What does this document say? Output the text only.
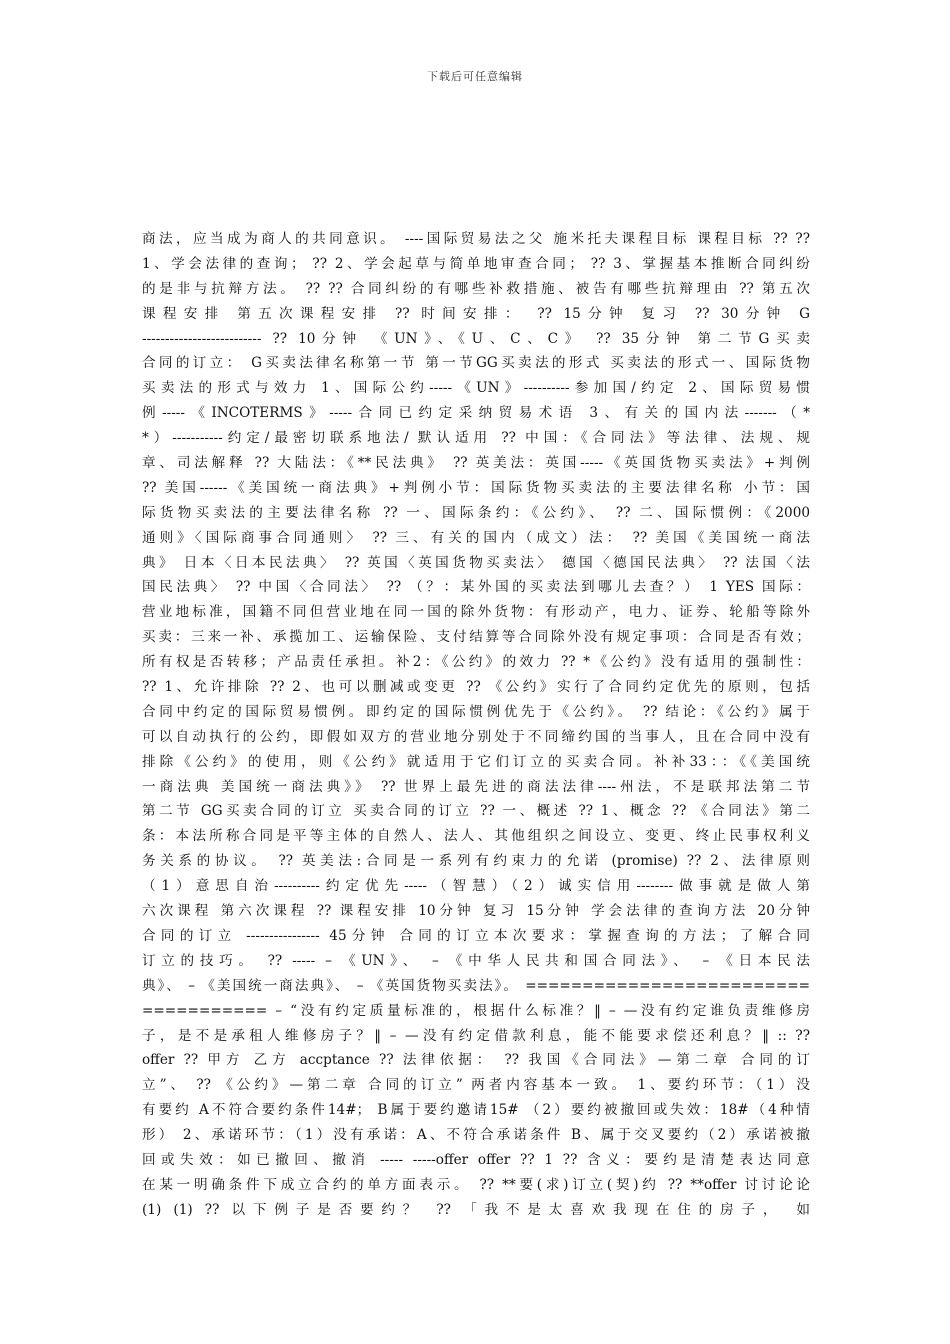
下载后可任意编辑
商法，应当成为商人的共同意识。 ----国际贸易法之父 施米托夫课程目标 课程目标 ?? ??
1、学会法律的查询； ?? 2、学会起草与简单地审查合同； ?? 3、掌握基本推断合同纠纷
的是非与抗辩方法。 ?? ?? 合同纠纷的有哪些补救措施、被告有哪些抗辩理由 ?? 第五次
课程安排 第五次课程安排 ?? 时间安排： ?? 15分钟 复习 ?? 30分钟 G
-------------------------- ?? 10分钟 《UN》、《U、C、C》 ?? 35分钟 第二节G买卖
合同的订立： G买卖法律名称第一节 第一节GG买卖法的形式 买卖法的形式一、国际货物
买卖法的形式与效力 1、国际公约-----《UN》----------参加国/约定 2、国际贸易惯
例-----《INCOTERMS》-----合同已约定采纳贸易术语 3、有关的国内法-------（*
*）-----------约定/最密切联系地法/ 默认适用 ?? 中国：《合同法》等法律、法规、规
章、司法解释 ?? 大陆法：《**民法典》 ?? 英美法：英国-----《英国货物买卖法》+判例
?? 美国------《美国统一商法典》+判例小节：国际货物买卖法的主要法律名称 小节：国
际货物买卖法的主要法律名称 ?? 一、国际条约：《公约》、 ?? 二、国际惯例：《2000
通则》〈国际商事合同通则〉 ?? 三、有关的国内（成文）法： ?? 美国《美国统一商法
典》 日本〈日本民法典〉 ?? 英国〈英国货物买卖法〉 德国〈德国民法典〉 ?? 法国〈法
国民法典〉 ?? 中国〈合同法〉 ?? （？：某外国的买卖法到哪儿去查？） 1 YES 国际：
营业地标准，国籍不同但营业地在同一国的除外货物：有形动产，电力、证券、轮船等除外
买卖：三来一补、承揽加工、运输保险、支付结算等合同除外没有规定事项：合同是否有效；
所有权是否转移；产品责任承担。补2：《公约》的效力 ?? *《公约》没有适用的强制性：
?? 1、允许排除 ?? 2、也可以删减或变更 ?? 《公约》实行了合同约定优先的原则，包括
合同中约定的国际贸易惯例。即约定的国际惯例优先于《公约》。 ?? 结论：《公约》属于
可以自动执行的公约，即假如双方的营业地分别处于不同缔约国的当事人，且在合同中没有
排除《公约》的使用，则《公约》就适用于它们订立的买卖合同。补补33：：《《美国统
一商法典 美国统一商法典》》 ?? 世界上最先进的商法法律----州法，不是联邦法第二节
第二节 GG买卖合同的订立 买卖合同的订立 ?? 一、概述 ?? 1、概念 ?? 《合同法》第二
条：本法所称合同是平等主体的自然人、法人、其他组织之间设立、变更、终止民事权利义
务关系的协议。 ?? 英美法:合同是一系列有约束力的允诺 (promise) ?? 2、法律原则
（1）意思自治----------约定优先-----（智慧）（2）诚实信用--------做事就是做人第
六次课程 第六次课程 ?? 课程安排 10分钟 复习 15分钟 学会法律的查询方法 20分钟
合同的订立 ---------------- 45分钟 合同的订立本次要求：掌握查询的方法；了解合同
订立的技巧。 ?? ----- – 《UN》、 – 《中华人民共和国合同法》、 – 《日本民法
典》、 – 《美国统一商法典》、 – 《英国货物买卖法》。 =========================
=========== – “没有约定质量标准的，根据什么标准？‖ – —没有约定谁负责维修房
子，是不是承租人维修房子？‖ – —没有约定借款利息，能不能要求偿还利息？‖ :: ??
offer ?? 甲方 乙方 accptance ?? 法律依据： ?? 我国《合同法》—第二章 合同的订
立”、 ?? 《公约》—第二章 合同的订立” 两者内容基本一致。 1、要约环节：（1）没
有要约 A不符合要约条件14#； B属于要约邀请15# （2）要约被撤回或失效：18#（4种情
形） 2、承诺环节：（1）没有承诺：A、不符合承诺条件 B、属于交叉要约（2）承诺被撤
回或失效：如已撤回、撤消 ----- -----offer offer ?? 1 ?? 含义：要约是清楚表达同意
在某一明确条件下成立合约的单方面表示。 ?? **要(求)订立(契)约 ?? **offer 讨讨论论
(1) (1) ?? 以下例子是否要约？ ?? 「我不是太喜欢我现在住的房子， 如
